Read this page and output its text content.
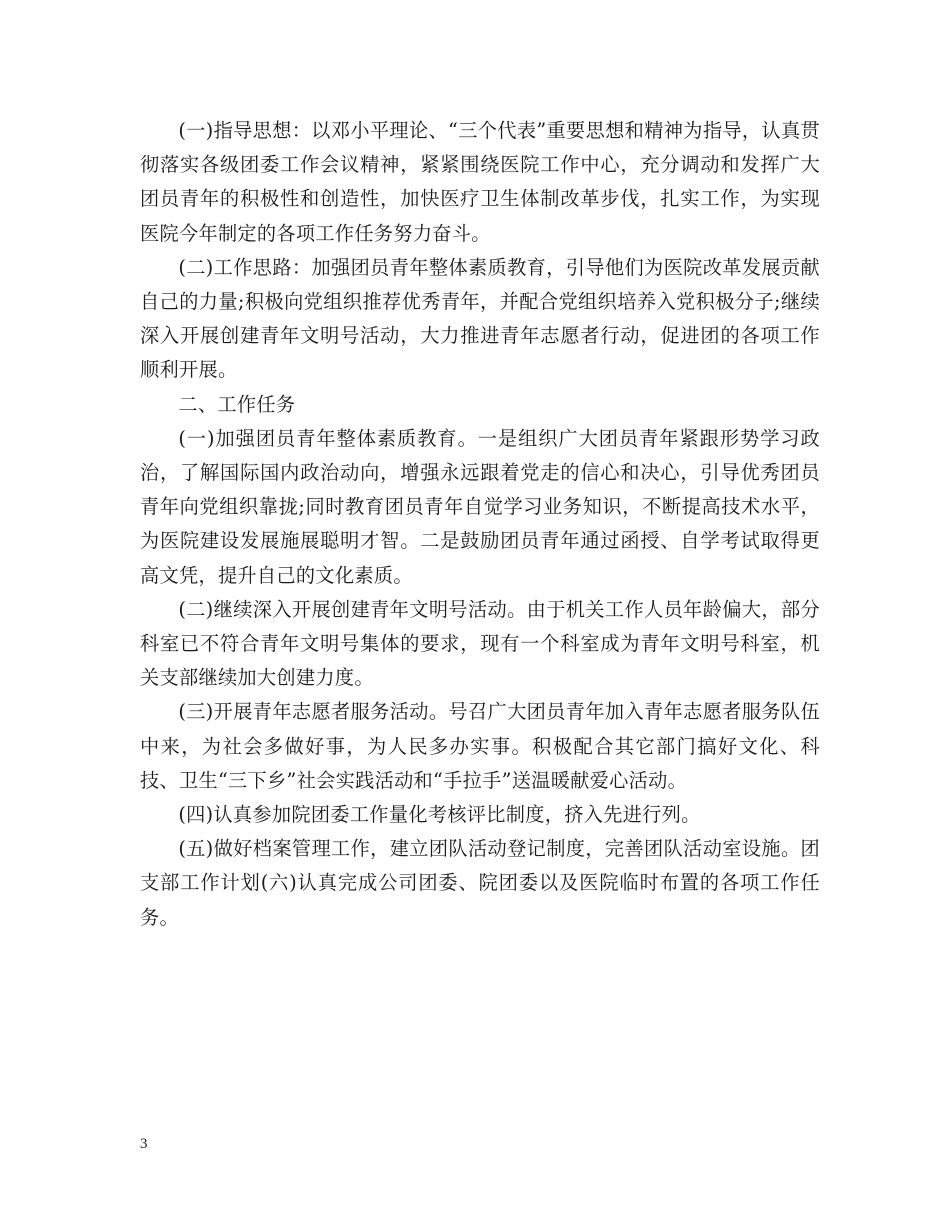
(一)指导思想：以邓小平理论、“三个代表”重要思想和精神为指导，认真贯彻落实各级团委工作会议精神，紧紧围绕医院工作中心，充分调动和发挥广大团员青年的积极性和创造性，加快医疗卫生体制改革步伐，扎实工作，为实现医院今年制定的各项工作任务努力奋斗。

(二)工作思路：加强团员青年整体素质教育，引导他们为医院改革发展贡献自己的力量;积极向党组织推荐优秀青年，并配合党组织培养入党积极分子;继续深入开展创建青年文明号活动，大力推进青年志愿者行动，促进团的各项工作顺利开展。

二、工作任务

(一)加强团员青年整体素质教育。一是组织广大团员青年紧跟形势学习政治，了解国际国内政治动向，增强永远跟着党走的信心和决心，引导优秀团员青年向党组织靠拢;同时教育团员青年自觉学习业务知识，不断提高技术水平，为医院建设发展施展聪明才智。二是鼓励团员青年通过函授、自学考试取得更高文凭，提升自己的文化素质。

(二)继续深入开展创建青年文明号活动。由于机关工作人员年龄偏大，部分科室已不符合青年文明号集体的要求，现有一个科室成为青年文明号科室，机关支部继续加大创建力度。

(三)开展青年志愿者服务活动。号召广大团员青年加入青年志愿者服务队伍中来，为社会多做好事，为人民多办实事。积极配合其它部门搞好文化、科技、卫生“三下乡”社会实践活动和“手拉手”送温暖献爱心活动。

(四)认真参加院团委工作量化考核评比制度，挤入先进行列。

(五)做好档案管理工作，建立团队活动登记制度，完善团队活动室设施。团支部工作计划(六)认真完成公司团委、院团委以及医院临时布置的各项工作任务。

3
